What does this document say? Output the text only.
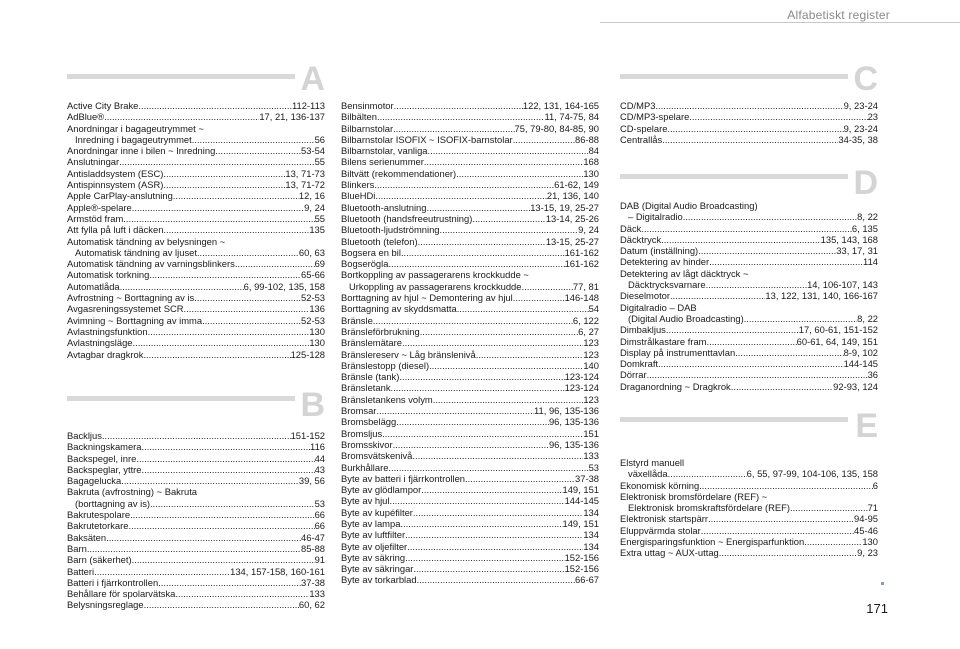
Alfabetiskt register
A
Active City Brake .....	112-113
AdBlue® .....	17, 21, 136-137
Anordningar i bagageutrymmet ~
Inredning i bagageutrymmet .....	56
Anordningar inne i bilen ~ Inredning .....	53-54
Anslutningar .....	55
Antisladdsystem (ESC) .....	13, 71-73
Antispinnsystem (ASR) .....	13, 71-72
Apple CarPlay-anslutning .....	12, 16
Apple®-spelare .....	9, 24
Armstöd fram .....	55
Att fylla på luft i däcken .....	135
Automatisk tändning av belysningen ~
Automatisk tändning av ljuset .....	60, 63
Automatisk tändning av varningsblinkers .....	69
Automatisk torkning .....	65-66
Automatlåda .....	6, 99-102, 135, 158
Avfrostning ~ Borttagning av is .....	52-53
Avgasreningssystemet SCR .....	136
Avimning ~ Borttagning av imma .....	52-53
Avlastningsfunktion .....	130
Avlastningsläge .....	130
Avtagbar dragkrok .....	125-128
B
Backljus .....	151-152
Backningskamera .....	116
Backspegel, inre .....	44
Backspeglar, yttre .....	43
Bagagelucka .....	39, 56
Bakruta (avfrostning) ~ Bakruta
(borttagning av is) .....	53
Bakrutespolare .....	66
Bakrutetorkare .....	66
Baksäten .....	46-47
Barn .....	85-88
Barn (säkerhet) .....	91
Batteri .....	134, 157-158, 160-161
Batteri i fjärrkontrollen .....	37-38
Behållare för spolarvätska .....	133
Belysningsreglage .....	60, 62
Bensinmotor .....	122, 131, 164-165
Bilbälten .....	11, 74-75, 84
Bilbarnstolar .....	75, 79-80, 84-85, 90
Bilbarnstolar ISOFIX ~ ISOFIX-barnstolar .....	86-88
Bilbarnstolar, vanliga .....	84
Bilens serienummer .....	168
Biltvätt (rekommendationer) .....	130
Blinkers .....	61-62, 149
BlueHDi .....	21, 136, 140
Bluetooth-anslutning .....	13-15, 19, 25-27
Bluetooth (handsfreeutrustning) .....	13-14, 25-26
Bluetooth-ljudströmning .....	9, 24
Bluetooth (telefon) .....	13-15, 25-27
Bogsera en bil .....	161-162
Bogseröglа .....	161-162
Bortkoppling av passagerarens krockkudde ~
Urkoppling av passagerarens krockkudde .....	77, 81
Borttagning av hjul ~ Demontering av hjul .....	146-148
Borttagning av skyddsmatta .....	54
Bränsle .....	6, 122
Bränsleförbrukning .....	6, 27
Bränslemätare .....	123
Bränslereserv ~ Låg bränslenivå .....	123
Bränslestopp (diesel) .....	140
Bränsle (tank) .....	123-124
Bränsletank .....	123-124
Bränsletankens volym .....	123
Bromsar .....	11, 96, 135-136
Bromsbelägg .....	96, 135-136
Bromsljus .....	151
Bromsskivor .....	96, 135-136
Bromsvätskenivå .....	133
Burkhållare .....	53
Byte av batteri i fjärrkontrollen .....	37-38
Byte av glödlampor .....	149, 151
Byte av hjul .....	144-145
Byte av kupéfilter .....	134
Byte av lampa .....	149, 151
Byte av luftfilter .....	134
Byte av oljefilter .....	134
Byte av säkring .....	152-156
Byte av säkringar .....	152-156
Byte av torkarblad .....	66-67
C
CD/MP3 .....	9, 23-24
CD/MP3-spelare .....	23
CD-spelare .....	9, 23-24
Centrallås .....	34-35, 38
D
DAB (Digital Audio Broadcasting)
– Digitalradio .....	8, 22
Däck .....	6, 135
Däcktryck .....	135, 143, 168
Datum (inställning) .....	33, 17, 31
Detektering av hinder .....	114
Detektering av lågt däcktryck ~
Däcktrycksvarnare .....	14, 106-107, 143
Dieselmotor .....	13, 122, 131, 140, 166-167
Digitalradio – DAB
(Digital Audio Broadcasting) .....	8, 22
Dimbakljus .....	17, 60-61, 151-152
Dimstrålkastare fram .....	60-61, 64, 149, 151
Display på instrumenttavlan .....	8-9, 102
Domkraft .....	144-145
Dörrar .....	36
Draganordning ~ Dragkrok .....	92-93, 124
E
Elstyrd manuell
växellåda .....	6, 55, 97-99, 104-106, 135, 158
Ekonomisk körning .....	6
Elektronisk bromsfördelare (REF) ~
Elektronisk bromskraftsfördelare (REF) .....	71
Elektronisk startspärr .....	94-95
Eluppvärmda stolar .....	45-46
Energisparingsfunktion ~ Energisparfunktion .....	130
Extra uttag ~ AUX-uttag .....	9, 23
171
